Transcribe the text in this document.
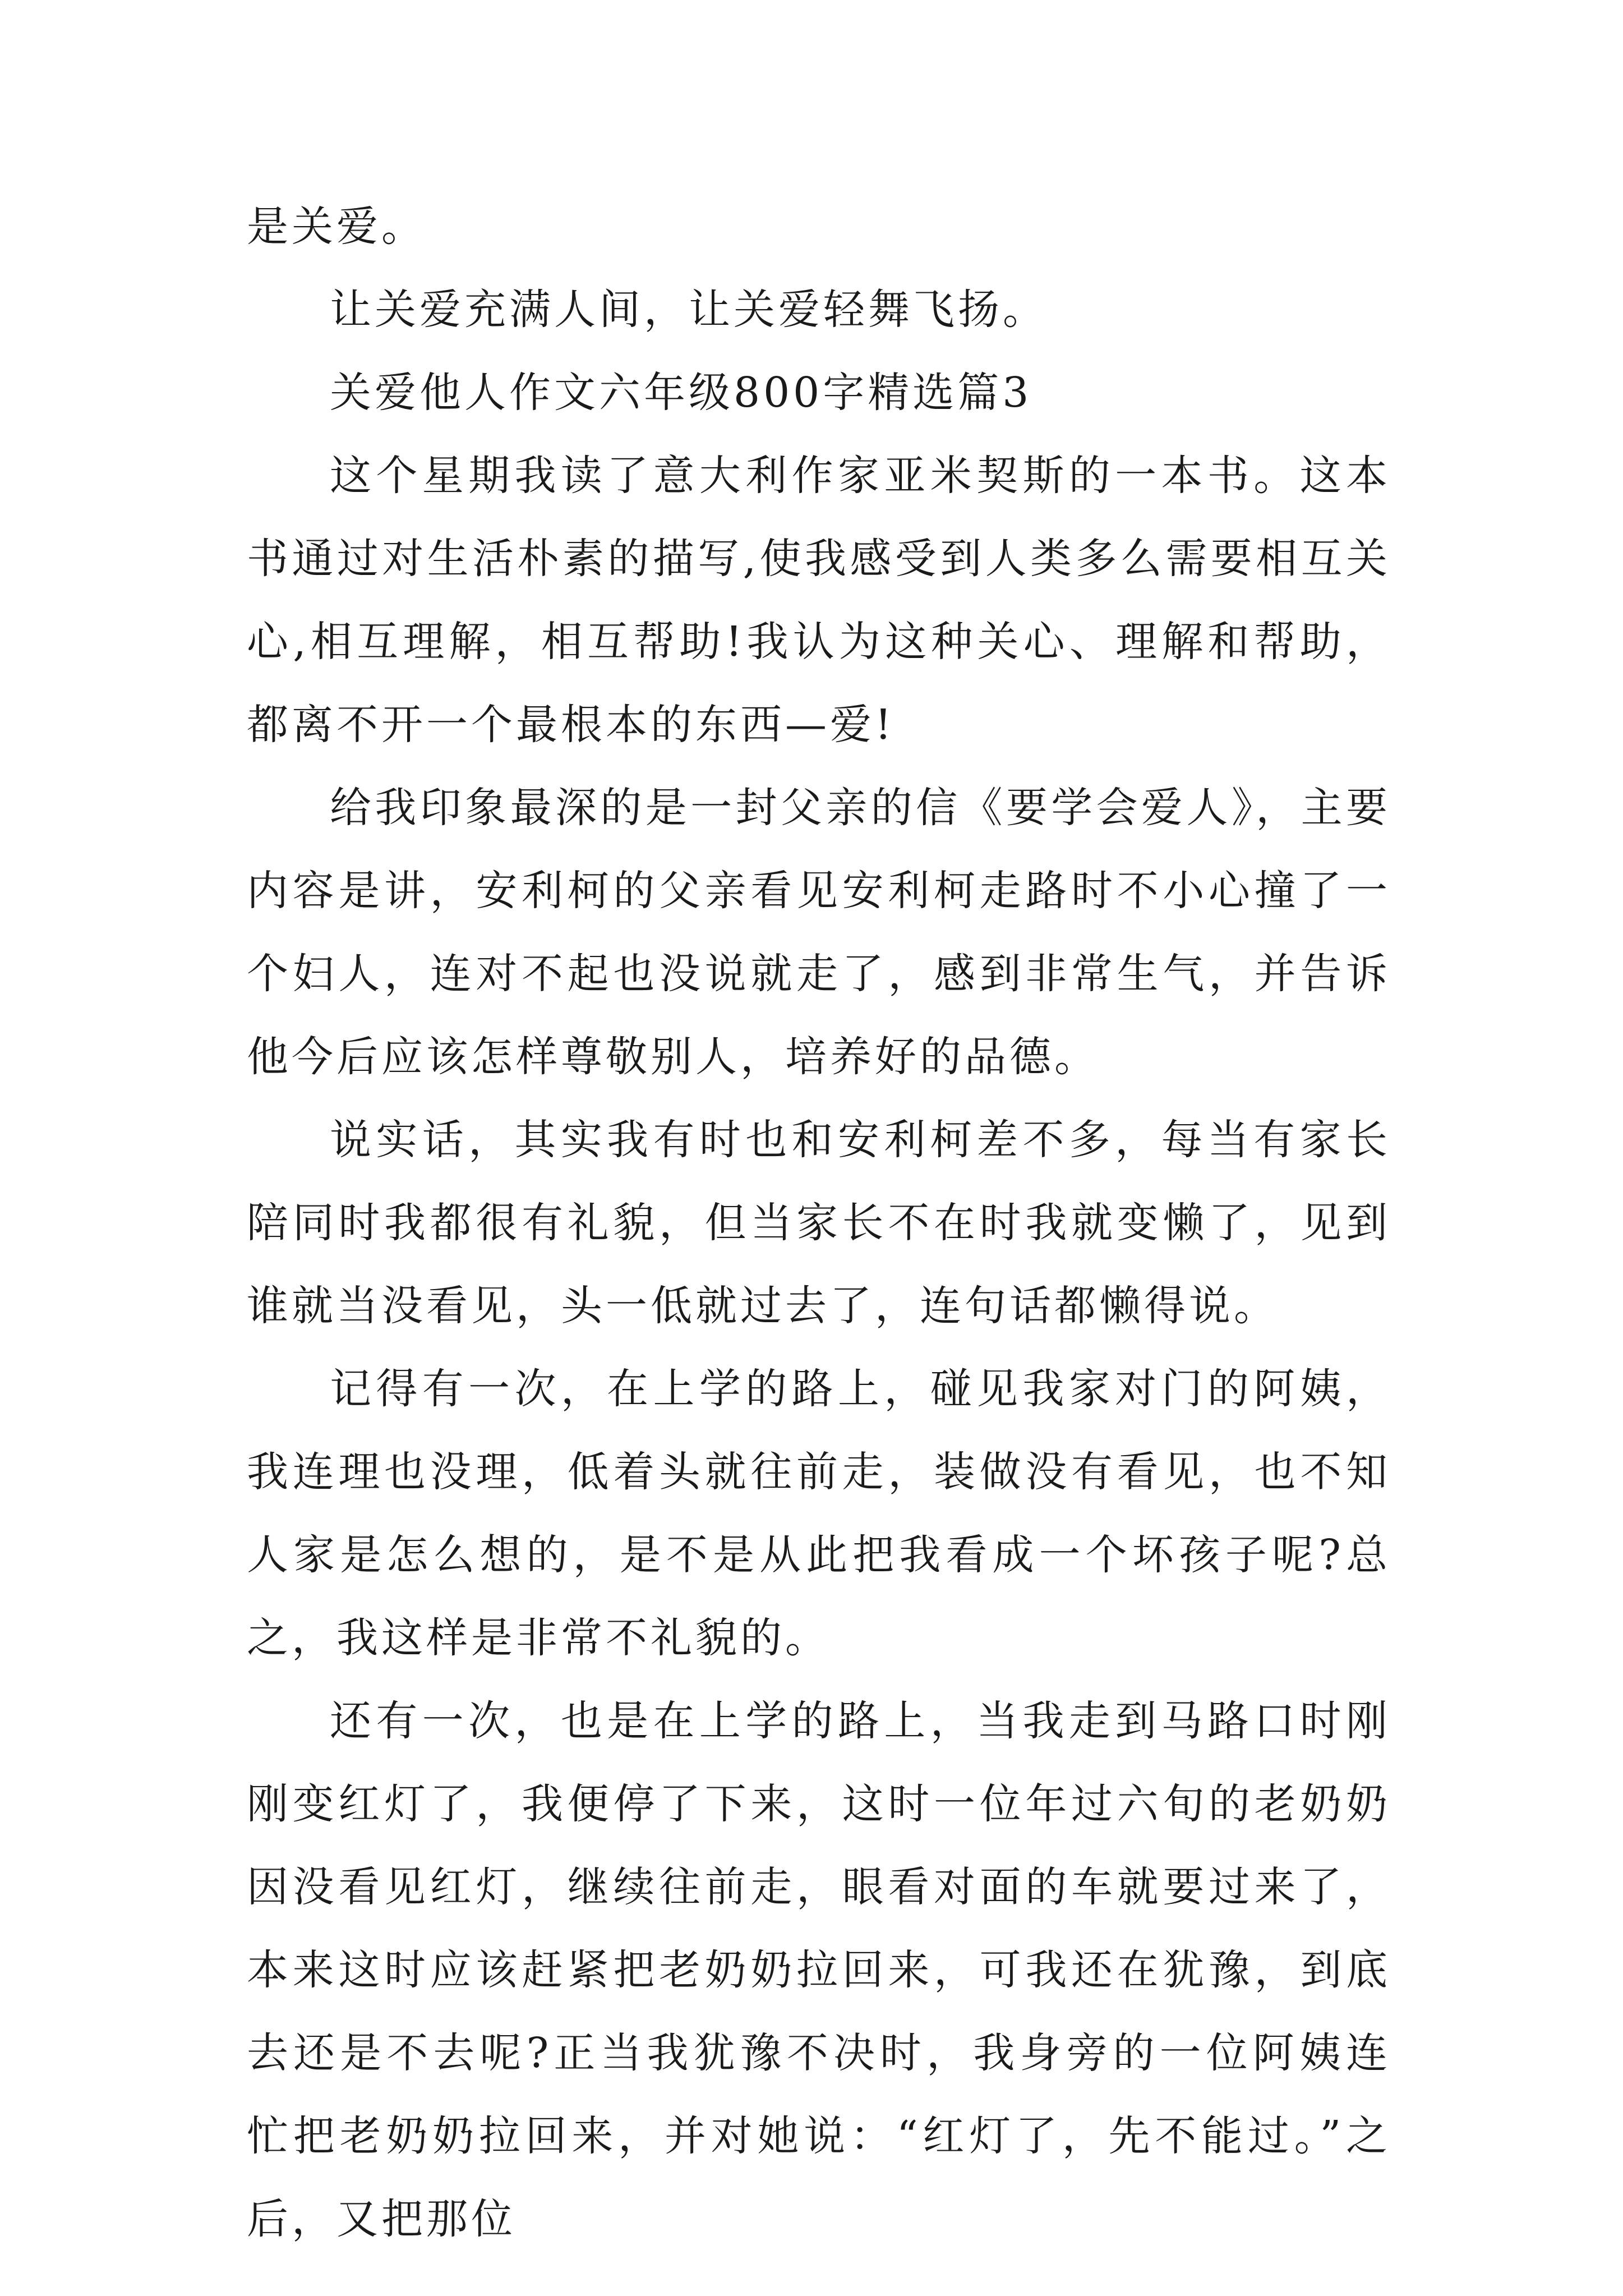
是关爱。

让关爱充满人间，让关爱轻舞飞扬。

关爱他人作文六年级800字精选篇3

这个星期我读了意大利作家亚米契斯的一本书。这本书通过对生活朴素的描写,使我感受到人类多么需要相互关心,相互理解，相互帮助!我认为这种关心、理解和帮助，都离不开一个最根本的东西—爱!

给我印象最深的是一封父亲的信《要学会爱人》，主要内容是讲，安利柯的父亲看见安利柯走路时不小心撞了一个妇人，连对不起也没说就走了，感到非常生气，并告诉他今后应该怎样尊敬别人，培养好的品德。

说实话，其实我有时也和安利柯差不多，每当有家长陪同时我都很有礼貌，但当家长不在时我就变懒了，见到谁就当没看见，头一低就过去了，连句话都懒得说。

记得有一次，在上学的路上，碰见我家对门的阿姨，我连理也没理，低着头就往前走，装做没有看见，也不知人家是怎么想的，是不是从此把我看成一个坏孩子呢?总之，我这样是非常不礼貌的。

还有一次，也是在上学的路上，当我走到马路口时刚刚变红灯了，我便停了下来，这时一位年过六旬的老奶奶因没看见红灯，继续往前走，眼看对面的车就要过来了，本来这时应该赶紧把老奶奶拉回来，可我还在犹豫，到底去还是不去呢?正当我犹豫不决时，我身旁的一位阿姨连忙把老奶奶拉回来，并对她说：“红灯了，先不能过。”之后，又把那位
